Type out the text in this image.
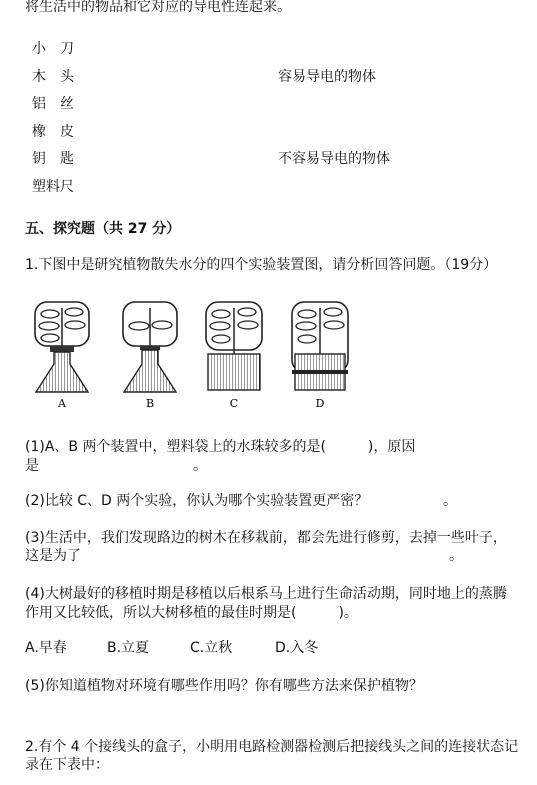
将生活中的物品和它对应的导电性连起来。
小　刀
木　头
铝　丝
橡　皮
钥　匙
塑料尺
容易导电的物体
不容易导电的物体
五、探究题（共 27 分）
1.下图中是研究植物散失水分的四个实验装置图，请分析回答问题。（19分）
A	B	C	D
(1)A、B 两个装置中，塑料袋上的水珠较多的是(　　　)，原因
是	。
(2)比较 C、D 两个实验，你认为哪个实验装置更严密？	。
(3)生活中，我们发现路边的树木在移栽前，都会先进行修剪，去掉一些叶子，
这是为了	。
(4)大树最好的移植时期是移植以后根系马上进行生命活动期，同时地上的蒸腾
作用又比较低，所以大树移植的最佳时期是(　　　)。
A.早春	B.立夏	C.立秋	D.入冬
(5)你知道植物对环境有哪些作用吗？你有哪些方法来保护植物？
2.有个 4 个接线头的盒子，小明用电路检测器检测后把接线头之间的连接状态记
录在下表中：
